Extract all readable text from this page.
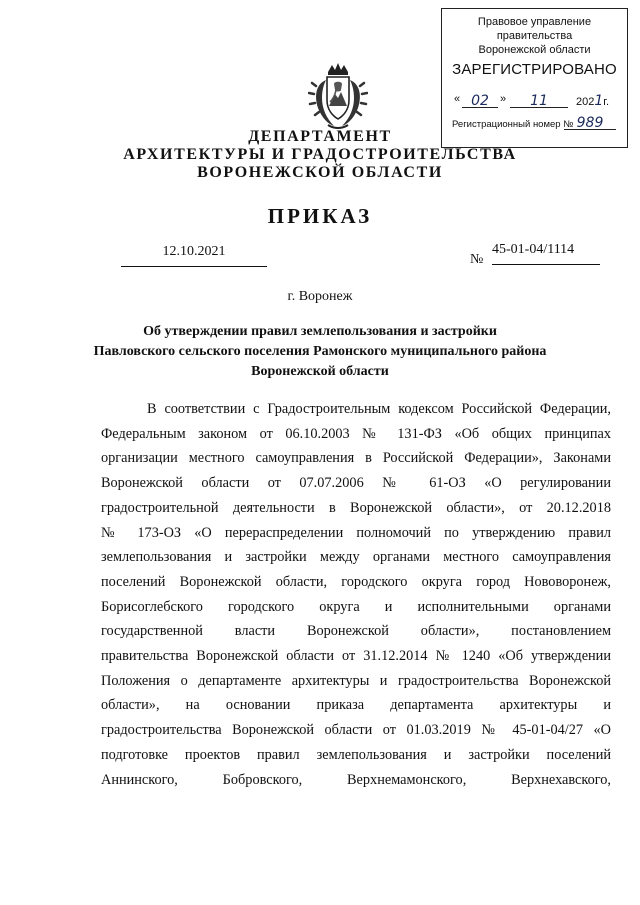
Правовое управление правительства
Воронежской области
ЗАРЕГИСТРИРОВАНО
« 02	»	11	2021г.
Регистрационный номер № 989
ДЕПАРТАМЕНТ
АРХИТЕКТУРЫ И ГРАДОСТРОИТЕЛЬСТВА
ВОРОНЕЖСКОЙ ОБЛАСТИ
ПРИКАЗ
12.10.2021
№
45-01-04/1114
г. Воронеж
Об утверждении правил землепользования и застройки
Павловского сельского поселения Рамонского муниципального района
Воронежской области
В соответствии с Градостроительным кодексом Российской Федерации,
Федеральным законом от 06.10.2003 № 131-ФЗ «Об общих принципах
организации местного самоуправления в Российской Федерации», Законами
Воронежской области от 07.07.2006 № 61-ОЗ «О регулировании
градостроительной деятельности в Воронежской области», от 20.12.2018
№ 173-ОЗ «О перераспределении полномочий по утверждению правил
землепользования и застройки между органами местного самоуправления
поселений Воронежской области, городского округа город Нововоронеж,
Борисоглебского городского округа и исполнительными органами
государственной власти Воронежской области», постановлением
правительства Воронежской области от 31.12.2014 № 1240 «Об утверждении
Положения о департаменте архитектуры и градостроительства Воронежской
области», на основании приказа департамента архитектуры и
градостроительства Воронежской области от 01.03.2019 № 45-01-04/27 «О
подготовке проектов правил землепользования и застройки поселений
Аннинского, Бобровского, Верхнемамонского, Верхнехавского,
